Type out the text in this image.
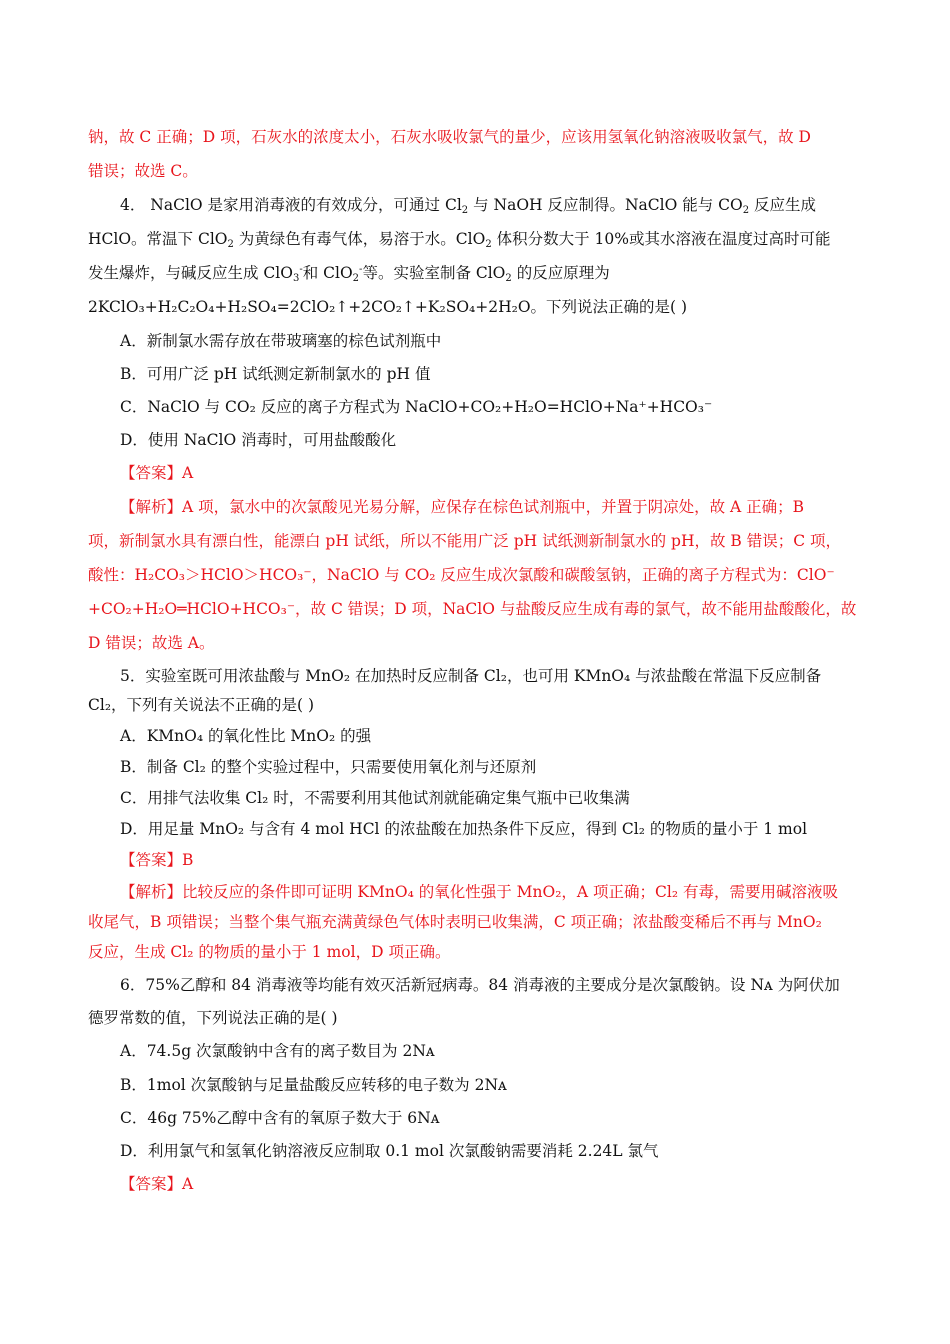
钠，故 C 正确；D 项，石灰水的浓度太小，石灰水吸收氯气的量少，应该用氢氧化钠溶液吸收氯气，故 D
错误；故选 C。
4． NaClO 是家用消毒液的有效成分，可通过 $Cl_2$ 与 NaOH 反应制得。NaClO 能与 $CO_2$ 反应生成
HClO。常温下 ClO$_2$ 为黄绿色有毒气体，易溶于水。ClO$_2$ 体积分数大于 10%或其水溶液在温度过高时可能
发生爆炸，与碱反应生成 ClO$_3$-和 ClO$_2$-等。实验室制备 ClO$_2$ 的反应原理为
2KClO₃+H₂C₂O₄+H₂SO₄=2ClO₂↑+2CO₂↑+K₂SO₄+2H₂O。下列说法正确的是( )
A．新制氯水需存放在带玻璃塞的棕色试剂瓶中
B．可用广泛 pH 试纸测定新制氯水的 pH 值
C．NaClO 与 CO₂ 反应的离子方程式为 NaClO+CO₂+H₂O=HClO+Na⁺+HCO₃⁻
D．使用 NaClO 消毒时，可用盐酸酸化
【答案】A
【解析】A 项，氯水中的次氯酸见光易分解，应保存在棕色试剂瓶中，并置于阴凉处，故 A 正确；B
项，新制氯水具有漂白性，能漂白 pH 试纸，所以不能用广泛 pH 试纸测新制氯水的 pH，故 B 错误；C 项，
酸性：H₂CO₃＞HClO＞HCO₃⁻，NaClO 与 CO₂ 反应生成次氯酸和碳酸氢钠，正确的离子方程式为：ClO⁻
+CO₂+H₂O═HClO+HCO₃⁻，故 C 错误；D 项，NaClO 与盐酸反应生成有毒的氯气，故不能用盐酸酸化，故
D 错误；故选 A。
5．实验室既可用浓盐酸与 MnO₂ 在加热时反应制备 Cl₂，也可用 KMnO₄ 与浓盐酸在常温下反应制备
Cl₂，下列有关说法不正确的是( )
A．KMnO₄ 的氧化性比 MnO₂ 的强
B．制备 Cl₂ 的整个实验过程中，只需要使用氧化剂与还原剂
C．用排气法收集 Cl₂ 时，不需要利用其他试剂就能确定集气瓶中已收集满
D．用足量 MnO₂ 与含有 4 mol HCl 的浓盐酸在加热条件下反应，得到 Cl₂ 的物质的量小于 1 mol
【答案】B
【解析】比较反应的条件即可证明 KMnO₄ 的氧化性强于 MnO₂，A 项正确；Cl₂ 有毒，需要用碱溶液吸
收尾气，B 项错误；当整个集气瓶充满黄绿色气体时表明已收集满，C 项正确；浓盐酸变稀后不再与 MnO₂
反应，生成 Cl₂ 的物质的量小于 1 mol，D 项正确。
6．75%乙醇和 84 消毒液等均能有效灭活新冠病毒。84 消毒液的主要成分是次氯酸钠。设 Nᴀ 为阿伏加
德罗常数的值，下列说法正确的是( )
A．74.5g 次氯酸钠中含有的离子数目为 2Nᴀ
B．1mol 次氯酸钠与足量盐酸反应转移的电子数为 2Nᴀ
C．46g 75%乙醇中含有的氧原子数大于 6Nᴀ
D．利用氯气和氢氧化钠溶液反应制取 0.1 mol 次氯酸钠需要消耗 2.24L 氯气
【答案】A
